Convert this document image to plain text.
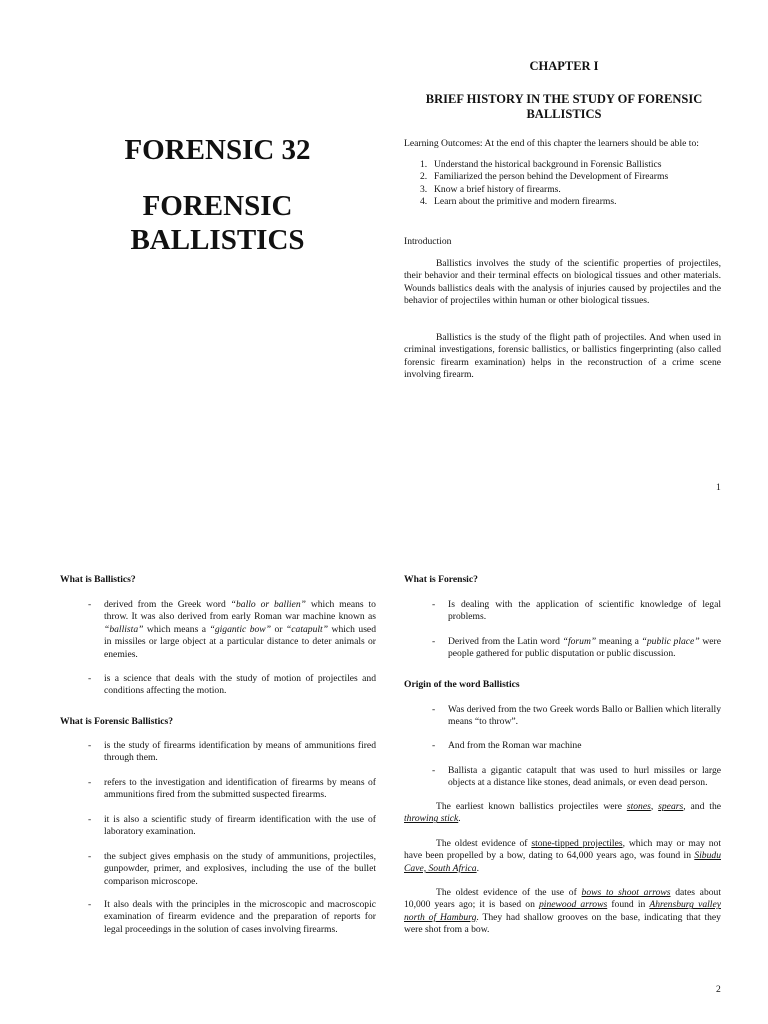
FORENSIC 32

FORENSIC
BALLISTICS

CHAPTER I
BRIEF HISTORY IN THE STUDY OF FORENSIC
BALLISTICS
Learning Outcomes: At the end of this chapter the learners should be able to:
1. Understand the historical background in Forensic Ballistics
2. Familiarized the person behind the Development of Firearms
3. Know a brief history of firearms.
4. Learn about the primitive and modern firearms.
Introduction
Ballistics involves the study of the scientific properties of projectiles, their behavior and their terminal effects on biological tissues and other materials. Wounds ballistics deals with the analysis of injuries caused by projectiles and the behavior of projectiles within human or other biological tissues.
Ballistics is the study of the flight path of projectiles. And when used in criminal investigations, forensic ballistics, or ballistics fingerprinting (also called forensic firearm examination) helps in the reconstruction of a crime scene involving firearm.
1
What is Ballistics?
- derived from the Greek word “ballo or ballien” which means to throw. It was also derived from early Roman war machine known as “ballista” which means a “gigantic bow” or “catapult” which used in missiles or large object at a particular distance to deter animals or enemies.
- is a science that deals with the study of motion of projectiles and conditions affecting the motion.
What is Forensic Ballistics?
- is the study of firearms identification by means of ammunitions fired through them.
- refers to the investigation and identification of firearms by means of ammunitions fired from the submitted suspected firearms.
- it is also a scientific study of firearm identification with the use of laboratory examination.
- the subject gives emphasis on the study of ammunitions, projectiles, gunpowder, primer, and explosives, including the use of the bullet comparison microscope.
- It also deals with the principles in the microscopic and macroscopic examination of firearm evidence and the preparation of reports for legal proceedings in the solution of cases involving firearms.
What is Forensic?
- Is dealing with the application of scientific knowledge of legal problems.
- Derived from the Latin word “forum” meaning a “public place” were people gathered for public disputation or public discussion.
Origin of the word Ballistics
- Was derived from the two Greek words Ballo or Ballien which literally means “to throw”.
- And from the Roman war machine
- Ballista a gigantic catapult that was used to hurl missiles or large objects at a distance like stones, dead animals, or even dead person.
The earliest known ballistics projectiles were stones, spears, and the throwing stick.
The oldest evidence of stone-tipped projectiles, which may or may not have been propelled by a bow, dating to 64,000 years ago, was found in Sibudu Cave, South Africa.
The oldest evidence of the use of bows to shoot arrows dates about 10,000 years ago; it is based on pinewood arrows found in Ahrensburg valley north of Hamburg. They had shallow grooves on the base, indicating that they were shot from a bow.
2
